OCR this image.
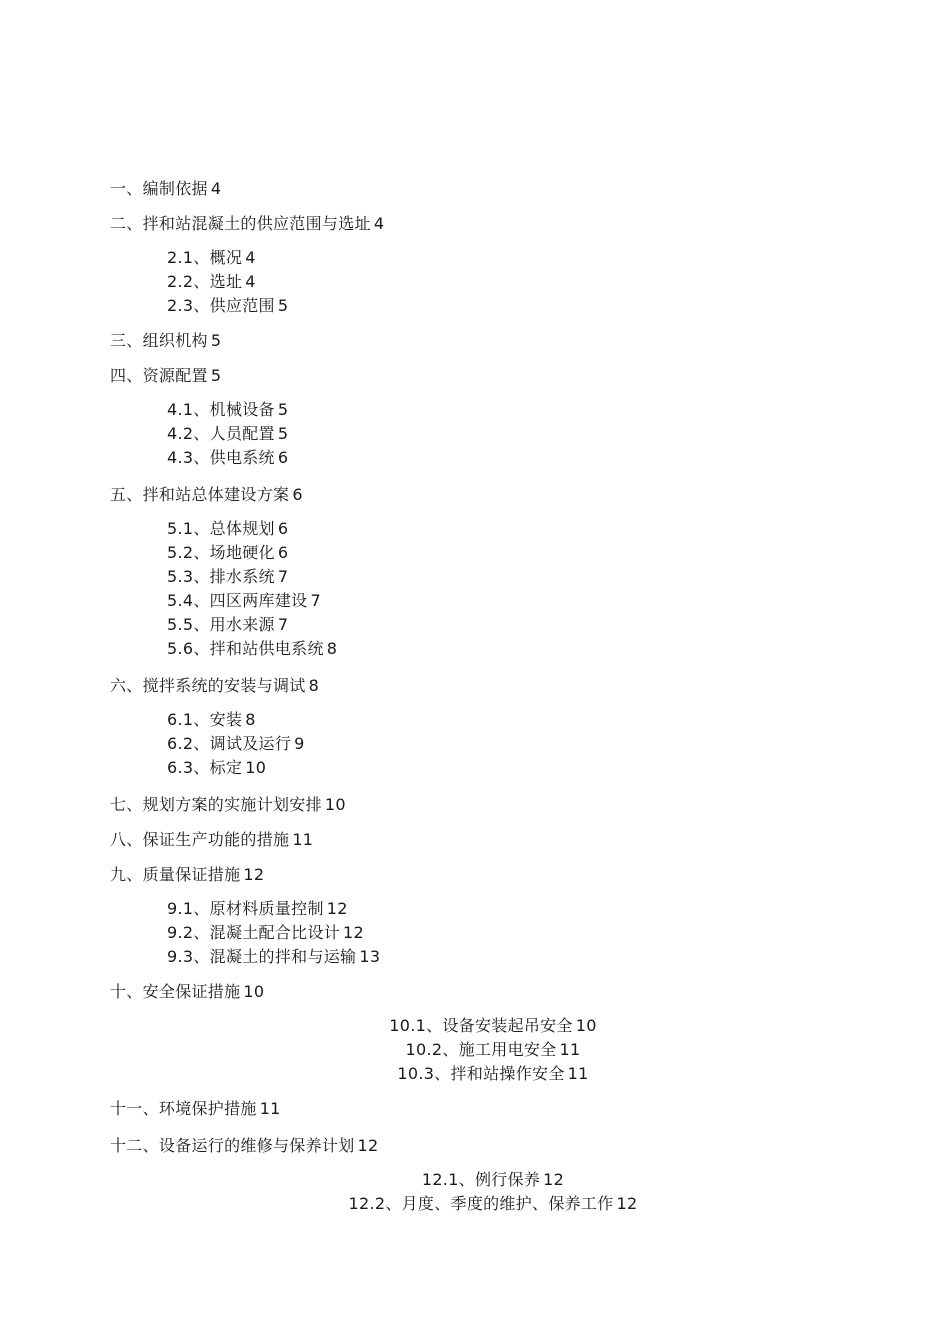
一、编制依据 4
二、拌和站混凝土的供应范围与选址 4
2.1、概况 4
2.2、选址 4
2.3、供应范围 5
三、组织机构 5
四、资源配置 5
4.1、机械设备 5
4.2、人员配置 5
4.3、供电系统 6
五、拌和站总体建设方案 6
5.1、总体规划 6
5.2、场地硬化 6
5.3、排水系统 7
5.4、四区两库建设 7
5.5、用水来源 7
5.6、拌和站供电系统 8
六、搅拌系统的安装与调试 8
6.1、安装 8
6.2、调试及运行 9
6.3、标定 10
七、规划方案的实施计划安排 10
八、保证生产功能的措施 11
九、质量保证措施 12
9.1、原材料质量控制 12
9.2、混凝土配合比设计 12
9.3、混凝土的拌和与运输 13
十、安全保证措施 10
10.1、设备安装起吊安全 10
10.2、施工用电安全 11
10.3、拌和站操作安全 11
十一、环境保护措施 11
十二、设备运行的维修与保养计划 12
12.1、例行保养 12
12.2、月度、季度的维护、保养工作 12
